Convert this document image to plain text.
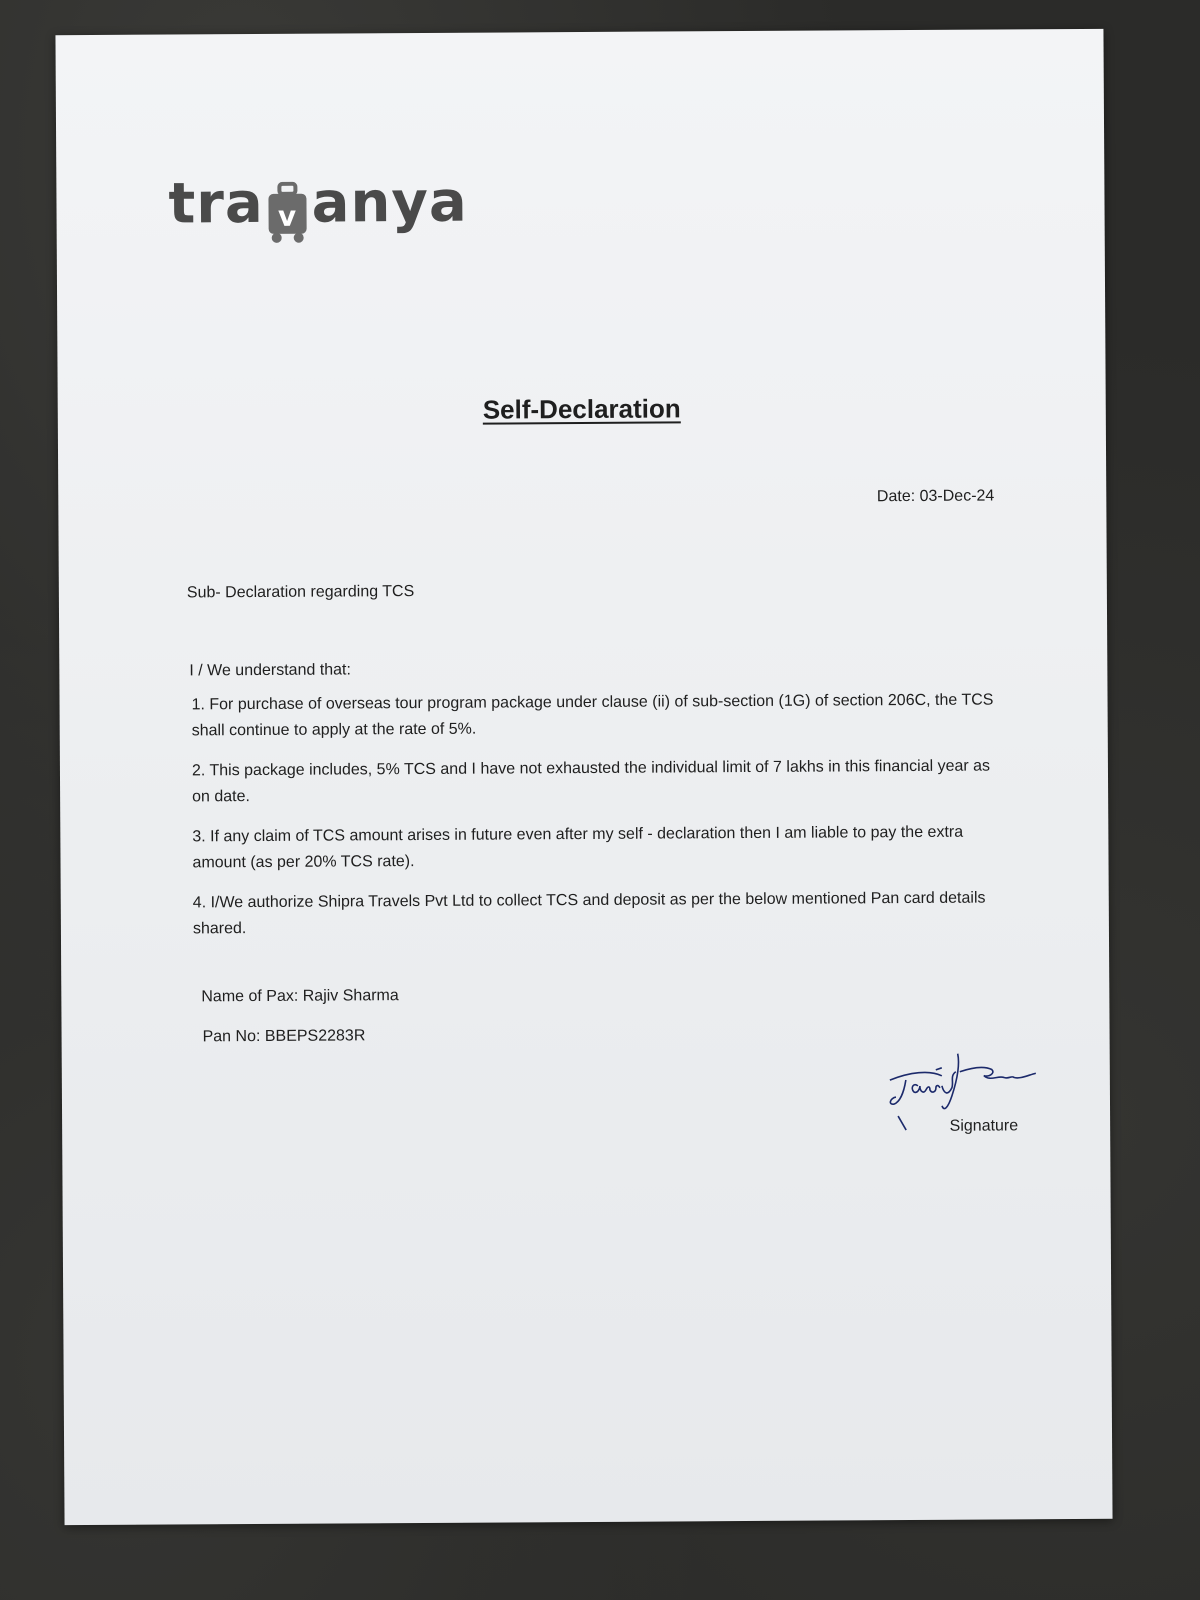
tra v anya
Self-Declaration
Date: 03-Dec-24
Sub- Declaration regarding TCS
I / We understand that:
1. For purchase of overseas tour program package under clause (ii) of sub-section (1G) of section 206C, the TCS shall continue to apply at the rate of 5%.
2. This package includes, 5% TCS and I have not exhausted the individual limit of 7 lakhs in this financial year as on date.
3. If any claim of TCS amount arises in future even after my self - declaration then I am liable to pay the extra amount (as per 20% TCS rate).
4. I/We authorize Shipra Travels Pvt Ltd to collect TCS and deposit as per the below mentioned Pan card details shared.
Name of Pax: Rajiv Sharma
Pan No: BBEPS2283R
Signature
